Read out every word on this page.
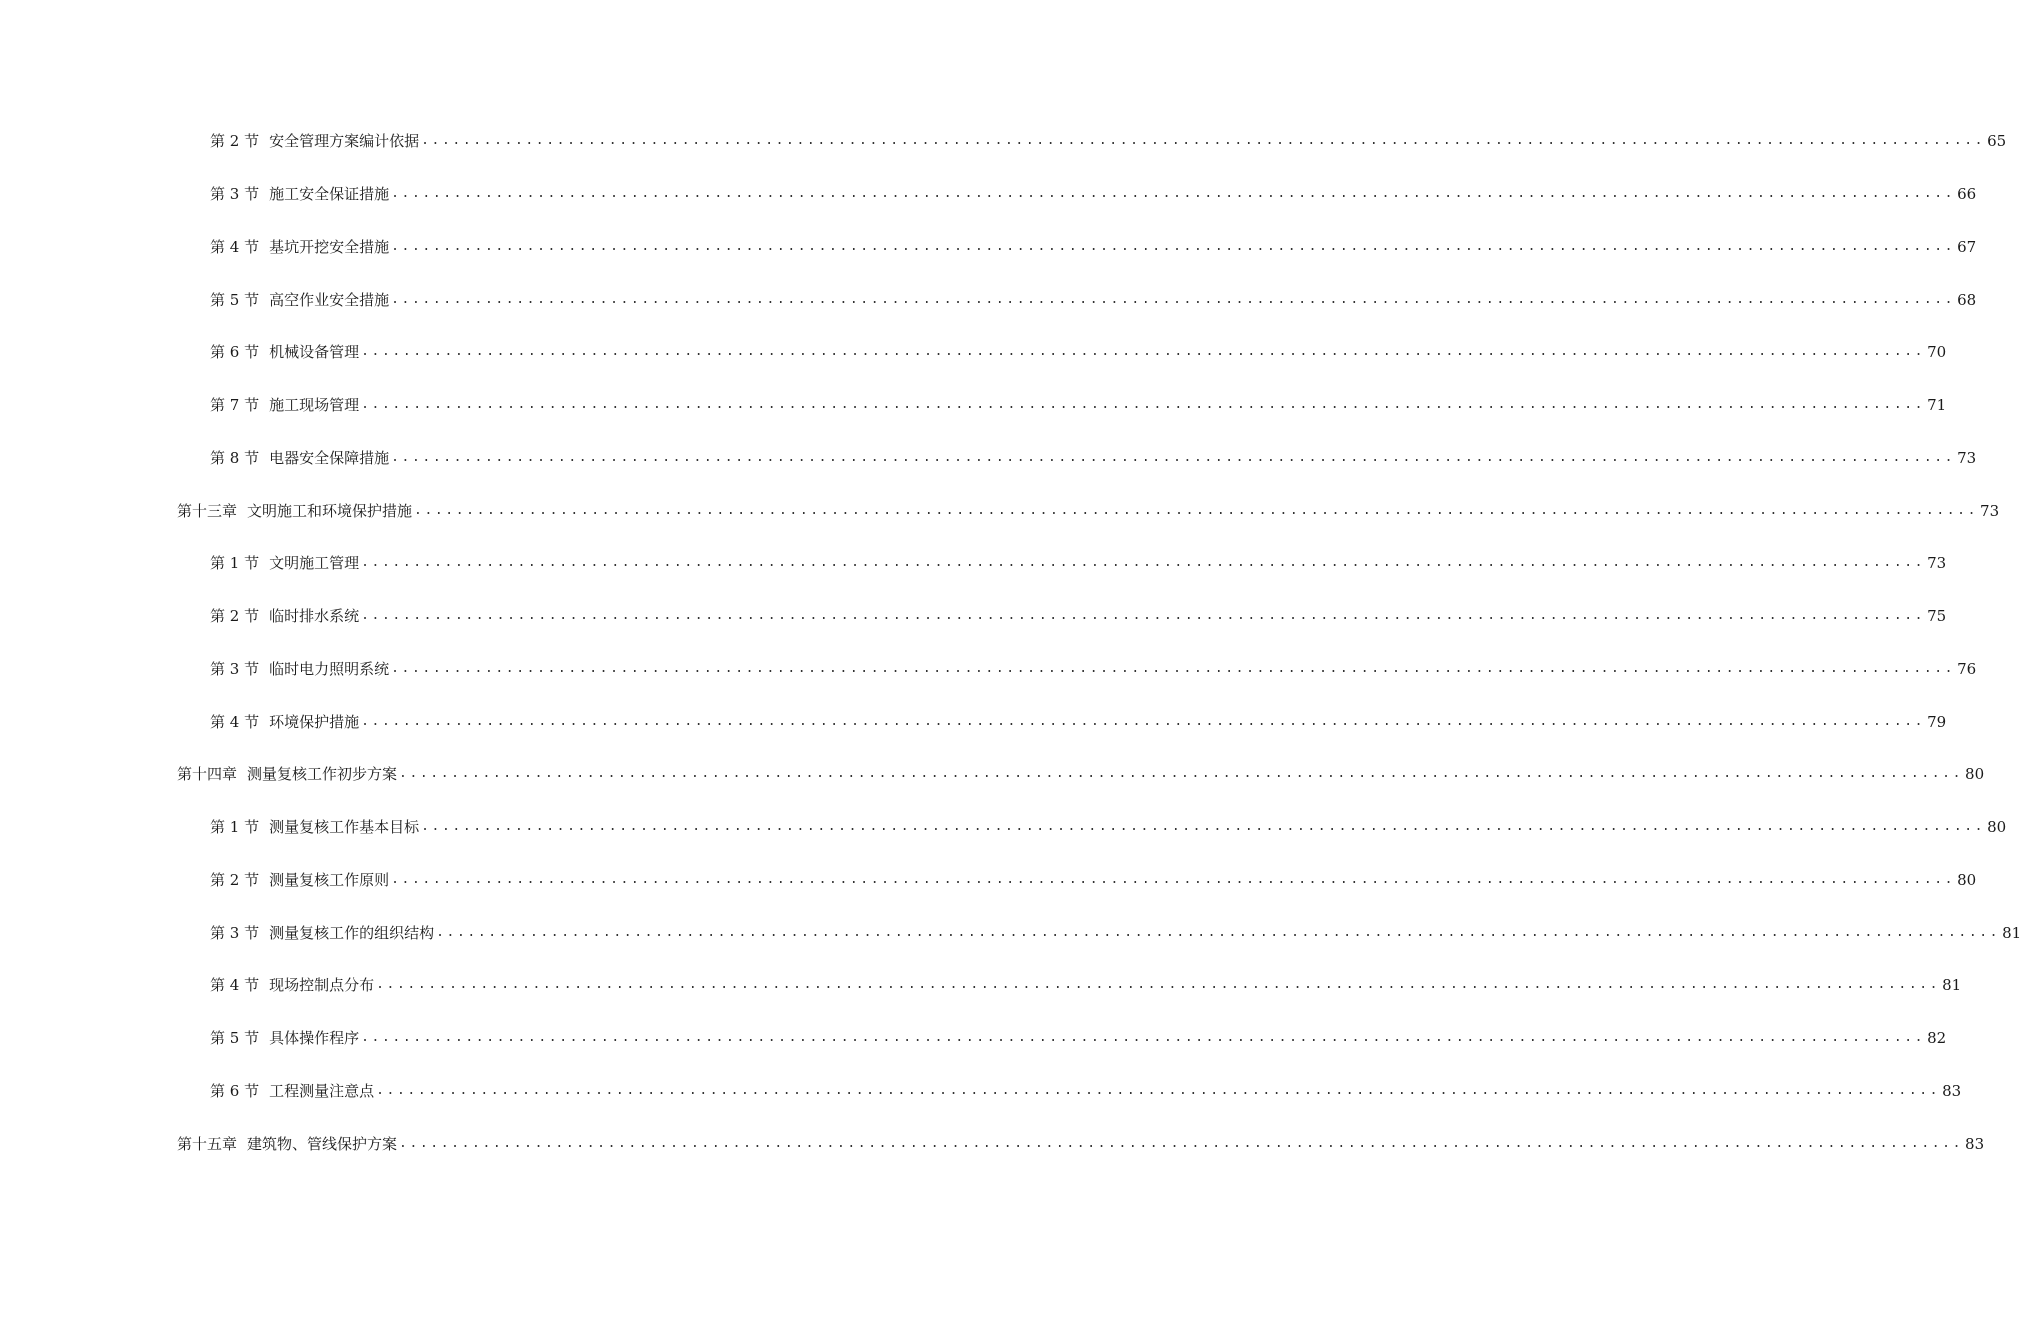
第 2 节 安全管理方案编计依据 ...................................................................................................................................................... 65
第 3 节 施工安全保证措施 ...................................................................................................................................................... 66
第 4 节 基坑开挖安全措施 ...................................................................................................................................................... 67
第 5 节 高空作业安全措施 ...................................................................................................................................................... 68
第 6 节 机械设备管理 ...................................................................................................................................................... 70
第 7 节 施工现场管理 ...................................................................................................................................................... 71
第 8 节 电器安全保障措施 ...................................................................................................................................................... 73
第十三章 文明施工和环境保护措施 ...................................................................................................................................................... 73
第 1 节 文明施工管理 ...................................................................................................................................................... 73
第 2 节 临时排水系统 ...................................................................................................................................................... 75
第 3 节 临时电力照明系统 ...................................................................................................................................................... 76
第 4 节 环境保护措施 ...................................................................................................................................................... 79
第十四章 测量复核工作初步方案 ...................................................................................................................................................... 80
第 1 节 测量复核工作基本目标 ...................................................................................................................................................... 80
第 2 节 测量复核工作原则 ...................................................................................................................................................... 80
第 3 节 测量复核工作的组织结构 ...................................................................................................................................................... 81
第 4 节 现场控制点分布 ...................................................................................................................................................... 81
第 5 节 具体操作程序 ...................................................................................................................................................... 82
第 6 节 工程测量注意点 ...................................................................................................................................................... 83
第十五章 建筑物、管线保护方案 ...................................................................................................................................................... 83
